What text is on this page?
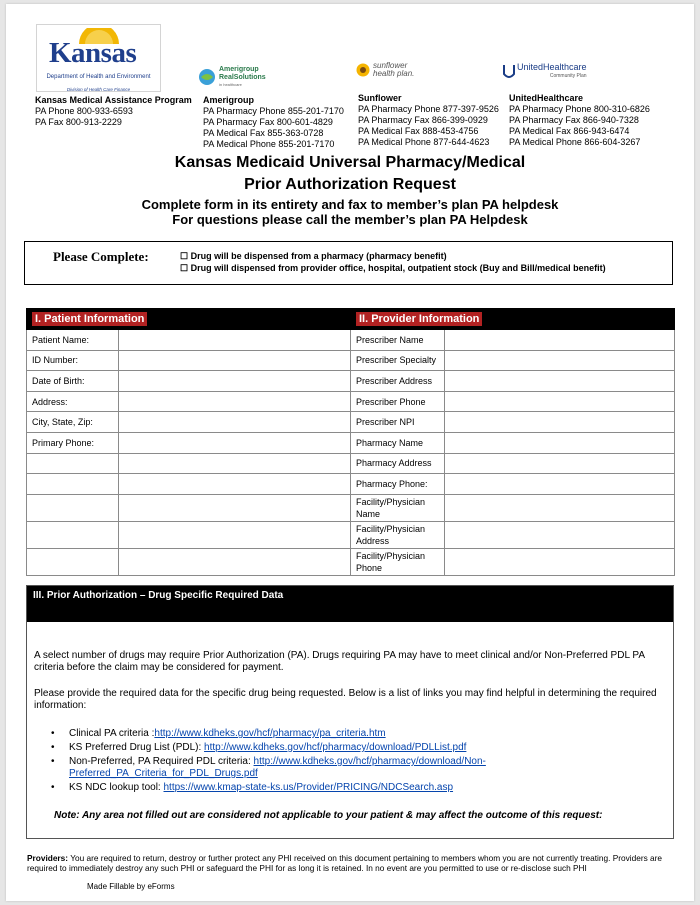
Kansas
Department of Health and Environment
Division of Health Care Finance
Amerigroup
RealSolutions
in healthcare
sunflower
health plan.
UnitedHealthcare
Community Plan
Kansas Medical Assistance Program
PA Phone 800-933-6593
PA Fax 800-913-2229
Amerigroup
PA Pharmacy Phone 855-201-7170
PA Pharmacy Fax 800-601-4829
PA Medical Fax 855-363-0728
PA Medical Phone 855-201-7170
Sunflower
PA Pharmacy Phone 877-397-9526
PA Pharmacy Fax 866-399-0929
PA Medical Fax 888-453-4756
PA Medical Phone 877-644-4623
UnitedHealthcare
PA Pharmacy Phone 800-310-6826
PA Pharmacy Fax 866-940-7328
PA Medical Fax 866-943-6474
PA Medical Phone 866-604-3267
Kansas Medicaid Universal Pharmacy/Medical
Prior Authorization Request
Complete form in its entirety and fax to member’s plan PA helpdesk
For questions please call the member’s plan PA Helpdesk
Please Complete:	☐ Drug will be dispensed from a pharmacy (pharmacy benefit)
☐ Drug will dispensed from provider office, hospital, outpatient stock (Buy and Bill/medical benefit)
I. Patient Information		II. Provider Information	
Patient Name:		Prescriber Name	
ID Number:		Prescriber Specialty	
Date of Birth:		Prescriber Address	
Address:		Prescriber Phone	
City, State, Zip:		Prescriber NPI	
Primary Phone:		Pharmacy Name	
		Pharmacy Address	
		Pharmacy Phone:	
		Facility/Physician Name	
		Facility/Physician Address	
		Facility/Physician Phone	
III. Prior Authorization – Drug Specific Required Data

A select number of drugs may require Prior Authorization (PA). Drugs requiring PA may have to meet clinical and/or Non-Preferred PDL PA criteria before the claim may be considered for payment.

Please provide the required data for the specific drug being requested. Below is a list of links you may find helpful in determining the required information:

• Clinical PA criteria :http://www.kdheks.gov/hcf/pharmacy/pa_criteria.htm
• KS Preferred Drug List (PDL): http://www.kdheks.gov/hcf/pharmacy/download/PDLList.pdf
• Non-Preferred, PA Required PDL criteria: http://www.kdheks.gov/hcf/pharmacy/download/Non-Preferred_PA_Criteria_for_PDL_Drugs.pdf
• KS NDC lookup tool: https://www.kmap-state-ks.us/Provider/PRICING/NDCSearch.asp

Note: Any area not filled out are considered not applicable to your patient & may affect the outcome of this request:

Providers: You are required to return, destroy or further protect any PHI received on this document pertaining to members whom you are not currently treating. Providers are required to immediately destroy any such PHI or safeguard the PHI for as long it is retained. In no event are you permitted to use or re-disclose such PHI
Made Fillable by eForms
